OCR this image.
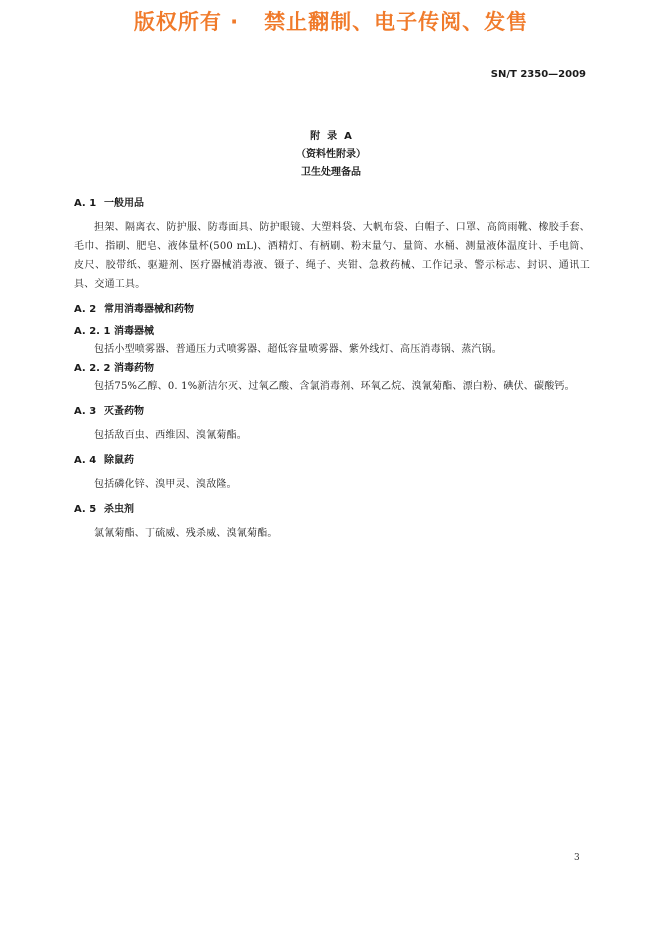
版权所有 ·   禁止翻制、电子传阅、发售
SN/T 2350—2009
附  录  A
（资料性附录）
卫生处理备品
A. 1 一般用品
担架、隔离衣、防护服、防毒面具、防护眼镜、大塑料袋、大帆布袋、白帽子、口罩、高筒雨靴、橡胶手套、毛巾、指刷、肥皂、液体量杯(500 mL)、酒精灯、有柄刷、粉末量勺、量筒、水桶、测量液体温度计、手电筒、皮尺、胶带纸、驱避剂、医疗器械消毒液、镊子、绳子、夹钳、急救药械、工作记录、警示标志、封识、通讯工具、交通工具。
A. 2 常用消毒器械和药物
A. 2. 1 消毒器械
包括小型喷雾器、普通压力式喷雾器、超低容量喷雾器、紫外线灯、高压消毒锅、蒸汽锅。
A. 2. 2 消毒药物
包括75%乙醇、0. 1%新洁尔灭、过氧乙酸、含氯消毒剂、环氧乙烷、溴氰菊酯、漂白粉、碘伏、碳酸钙。
A. 3 灭蚤药物
包括敌百虫、西维因、溴氰菊酯。
A. 4 除鼠药
包括磷化锌、溴甲灵、溴敌隆。
A. 5 杀虫剂
氯氰菊酯、丁硫威、残杀威、溴氰菊酯。
3
